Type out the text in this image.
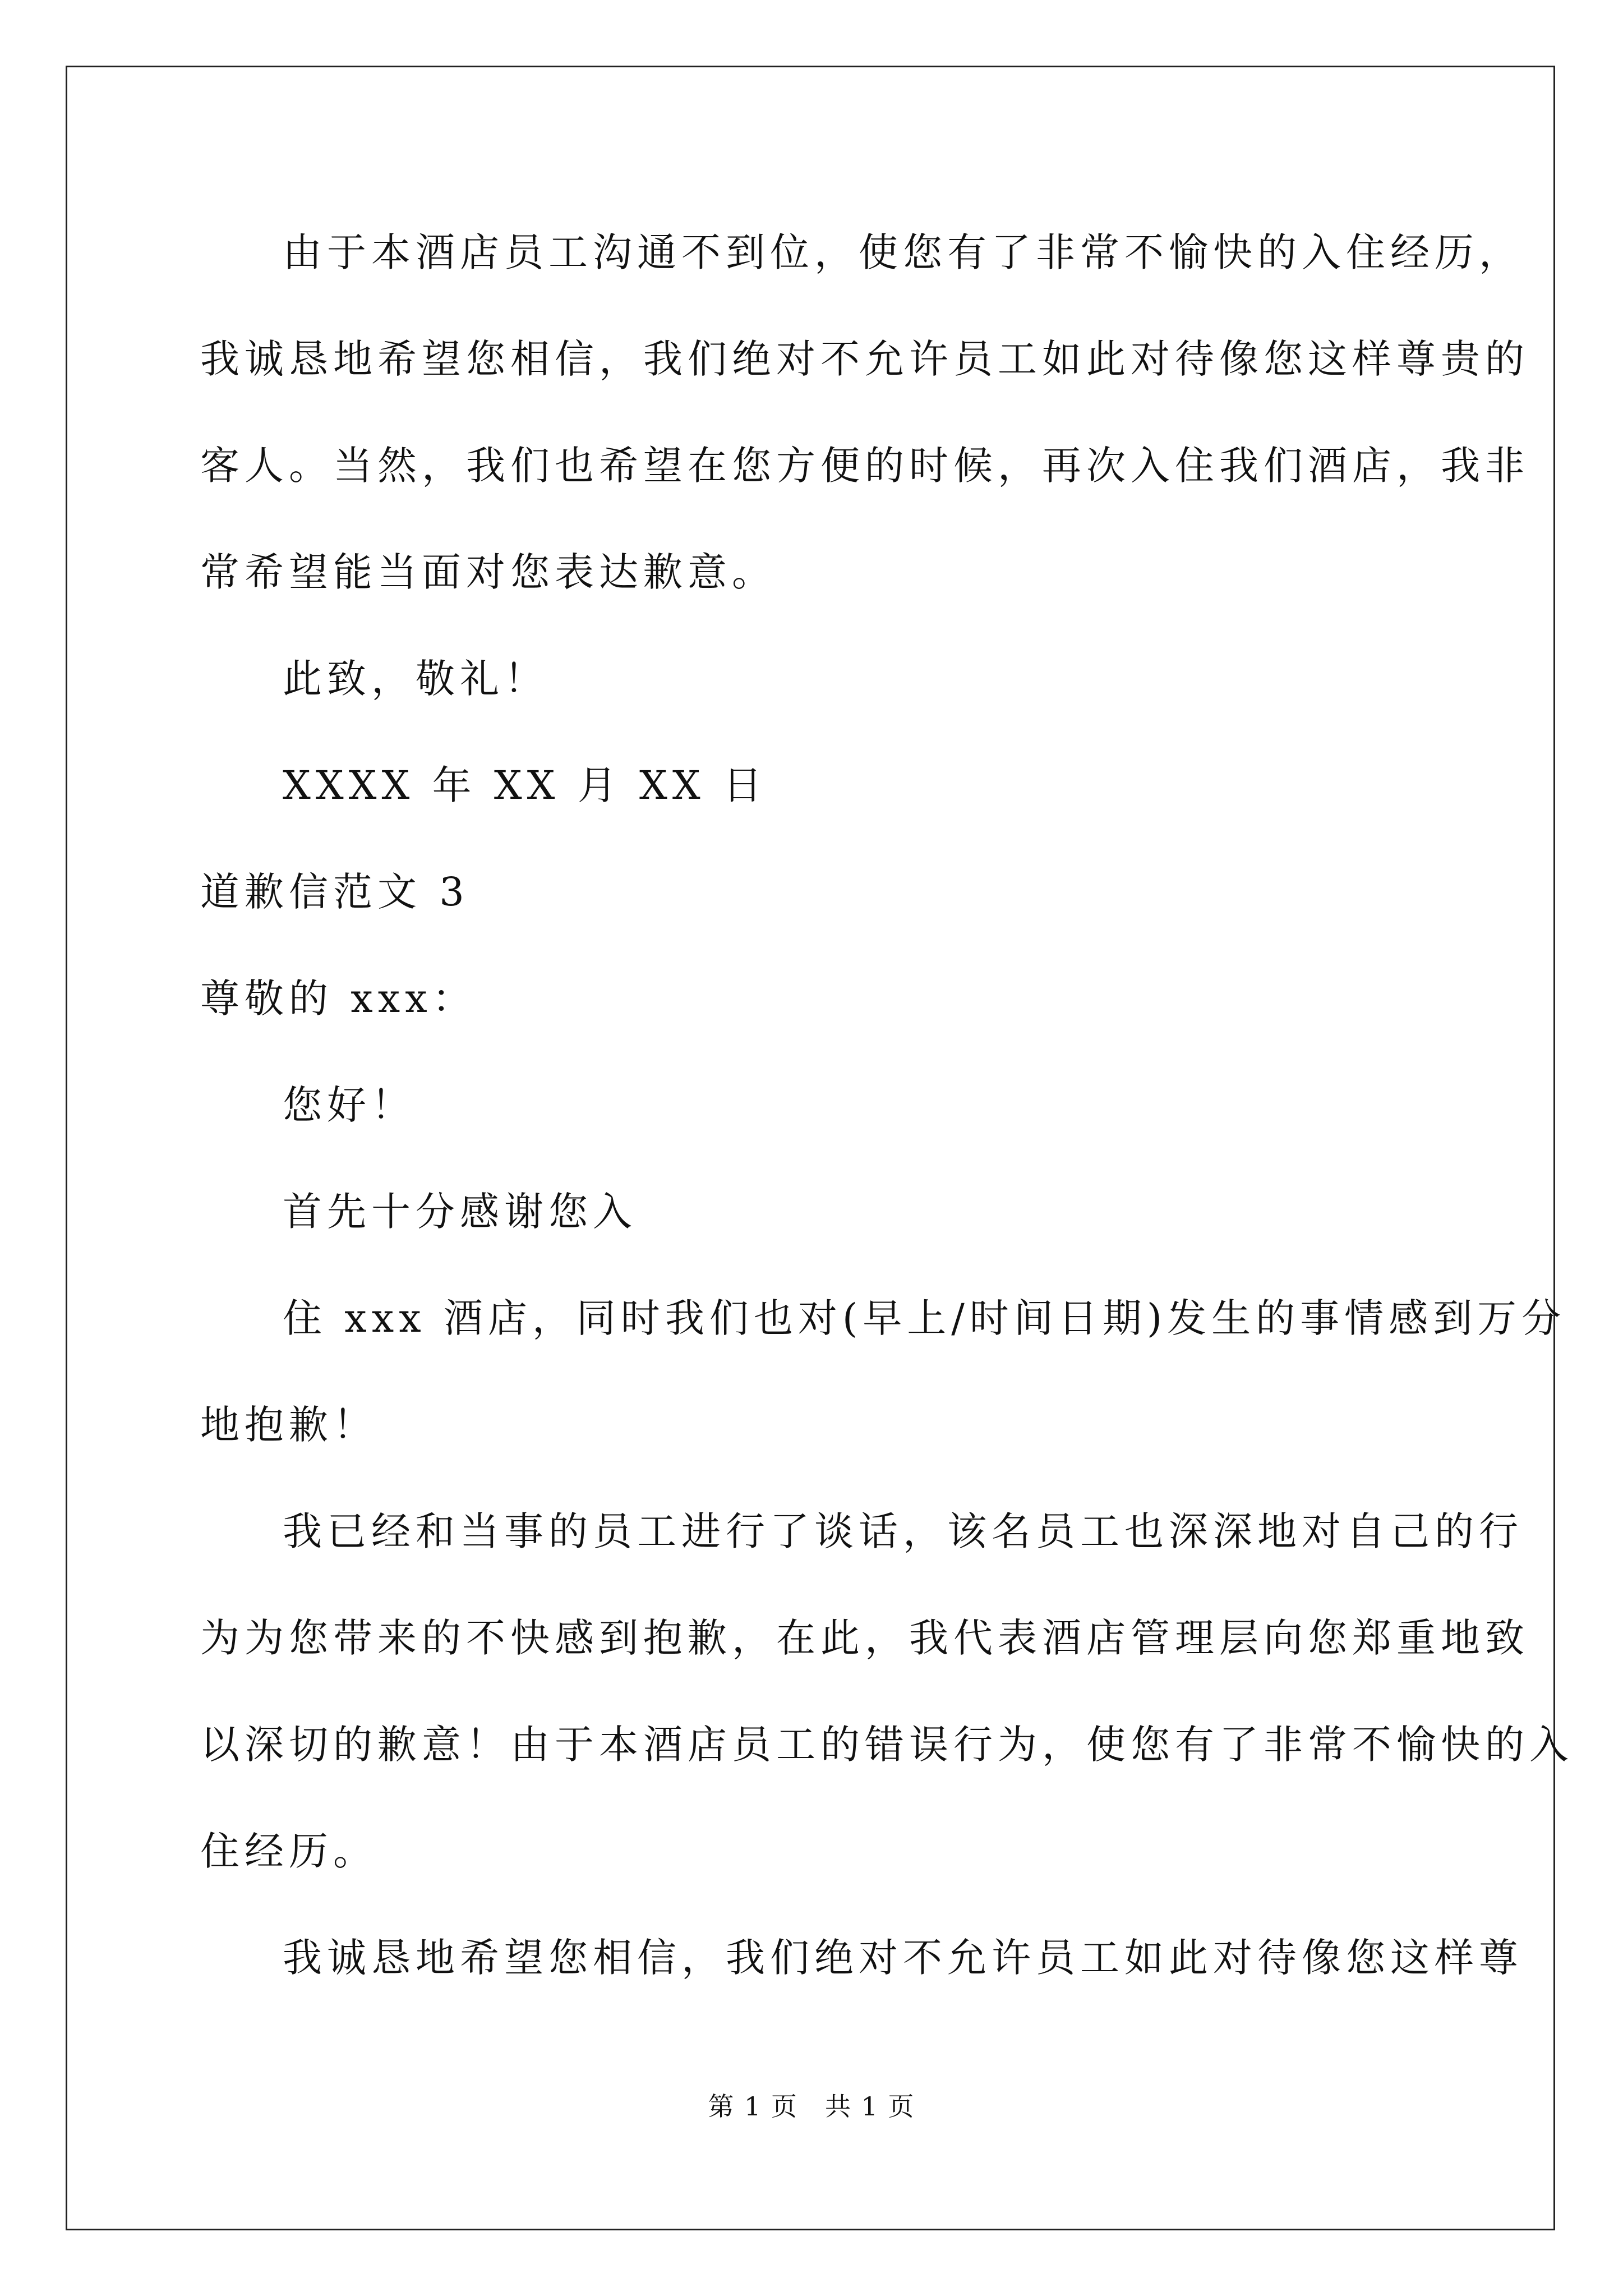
由于本酒店员工沟通不到位，使您有了非常不愉快的入住经历，
我诚恳地希望您相信，我们绝对不允许员工如此对待像您这样尊贵的
客人。当然，我们也希望在您方便的时候，再次入住我们酒店，我非
常希望能当面对您表达歉意。
此致，敬礼！
XXXX 年 XX 月 XX 日
道歉信范文 3
尊敬的 xxx：
您好！
首先十分感谢您入
住 xxx 酒店，同时我们也对(早上/时间日期)发生的事情感到万分
地抱歉！
我已经和当事的员工进行了谈话，该名员工也深深地对自己的行
为为您带来的不快感到抱歉，在此，我代表酒店管理层向您郑重地致
以深切的歉意！由于本酒店员工的错误行为，使您有了非常不愉快的入
住经历。
我诚恳地希望您相信，我们绝对不允许员工如此对待像您这样尊
第 1 页　共 1 页
